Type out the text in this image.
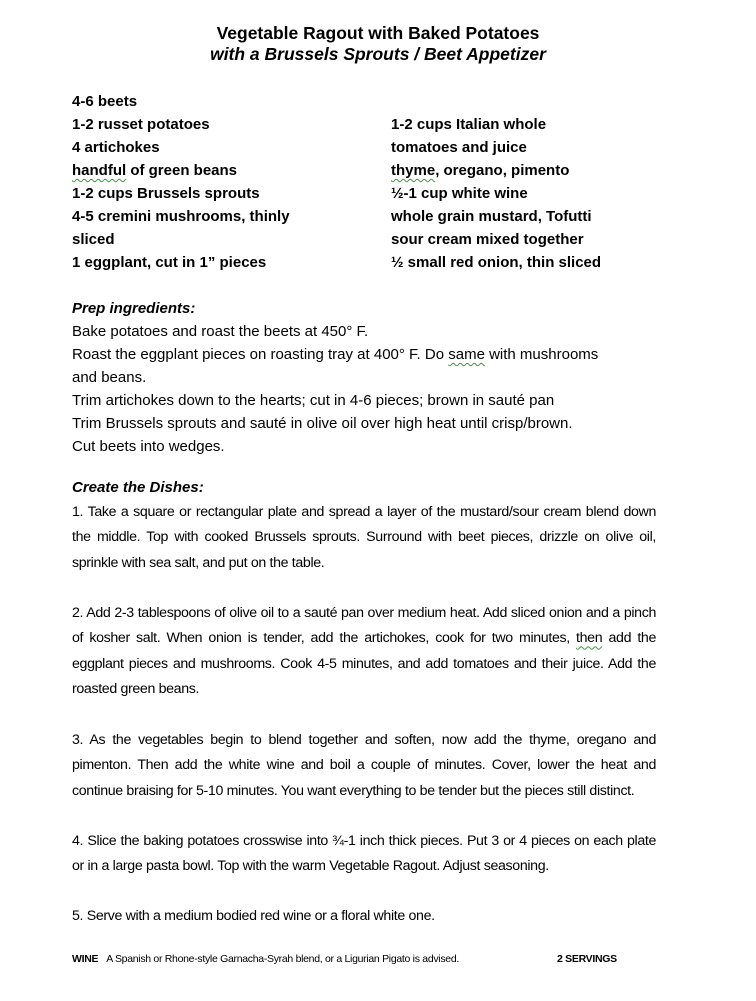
Vegetable Ragout with Baked Potatoes
with a Brussels Sprouts / Beet Appetizer
4-6 beets
1-2 russet potatoes
4 artichokes
handful of green beans
1-2 cups Brussels sprouts
4-5 cremini mushrooms, thinly
sliced
1 eggplant, cut in 1” pieces
1-2 cups Italian whole
tomatoes and juice
thyme, oregano, pimento
½-1 cup white wine
whole grain mustard, Tofutti
sour cream mixed together
½ small red onion, thin sliced
Prep ingredients:
Bake potatoes and roast the beets at 450° F.
Roast the eggplant pieces on roasting tray at 400° F. Do same with mushrooms
and beans.
Trim artichokes down to the hearts; cut in 4-6 pieces; brown in sauté pan
Trim Brussels sprouts and sauté in olive oil over high heat until crisp/brown.
Cut beets into wedges.
Create the Dishes:
1. Take a square or rectangular plate and spread a layer of the mustard/sour cream blend down the middle. Top with cooked Brussels sprouts. Surround with beet pieces, drizzle on olive oil, sprinkle with sea salt, and put on the table.
2. Add 2-3 tablespoons of olive oil to a sauté pan over medium heat. Add sliced onion and a pinch of kosher salt. When onion is tender, add the artichokes, cook for two minutes, then add the eggplant pieces and mushrooms. Cook 4-5 minutes, and add tomatoes and their juice. Add the roasted green beans.
3. As the vegetables begin to blend together and soften, now add the thyme, oregano and pimenton. Then add the white wine and boil a couple of minutes. Cover, lower the heat and continue braising for 5-10 minutes. You want everything to be tender but the pieces still distinct.
4. Slice the baking potatoes crosswise into ¾-1 inch thick pieces. Put 3 or 4 pieces on each plate or in a large pasta bowl. Top with the warm Vegetable Ragout. Adjust seasoning.
5. Serve with a medium bodied red wine or a floral white one.
WINE A Spanish or Rhone-style Garnacha-Syrah blend, or a Ligurian Pigato is advised.	2 SERVINGS
